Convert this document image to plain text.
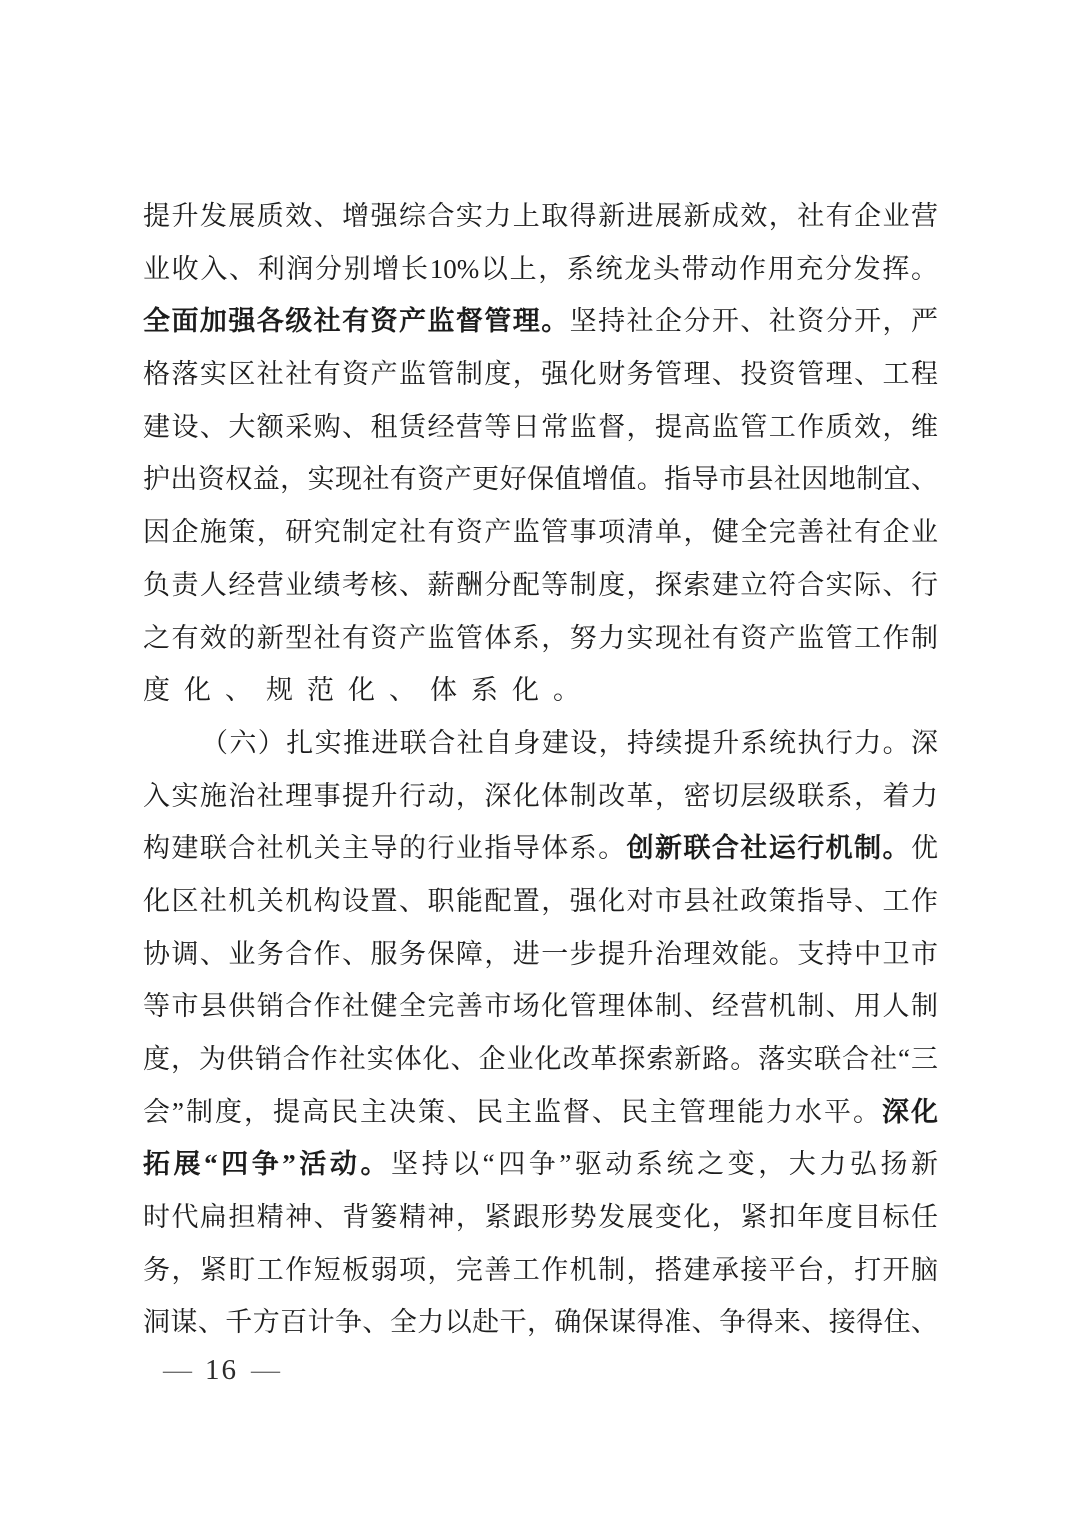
提升发展质效、增强综合实力上取得新进展新成效，社有企业营
业收入、利润分别增长10%以上，系统龙头带动作用充分发挥。
全面加强各级社有资产监督管理。坚持社企分开、社资分开，严
格落实区社社有资产监管制度，强化财务管理、投资管理、工程
建设、大额采购、租赁经营等日常监督，提高监管工作质效，维
护出资权益，实现社有资产更好保值增值。指导市县社因地制宜、
因企施策，研究制定社有资产监管事项清单，健全完善社有企业
负责人经营业绩考核、薪酬分配等制度，探索建立符合实际、行
之有效的新型社有资产监管体系，努力实现社有资产监管工作制
度化、规范化、体系化。
（六）扎实推进联合社自身建设，持续提升系统执行力。深
入实施治社理事提升行动，深化体制改革，密切层级联系，着力
构建联合社机关主导的行业指导体系。创新联合社运行机制。优
化区社机关机构设置、职能配置，强化对市县社政策指导、工作
协调、业务合作、服务保障，进一步提升治理效能。支持中卫市
等市县供销合作社健全完善市场化管理体制、经营机制、用人制
度，为供销合作社实体化、企业化改革探索新路。落实联合社“三
会”制度，提高民主决策、民主监督、民主管理能力水平。深化
拓展“四争”活动。坚持以“四争”驱动系统之变，大力弘扬新
时代扁担精神、背篓精神，紧跟形势发展变化，紧扣年度目标任
务，紧盯工作短板弱项，完善工作机制，搭建承接平台，打开脑
洞谋、千方百计争、全力以赴干，确保谋得准、争得来、接得住、
— 16 —
